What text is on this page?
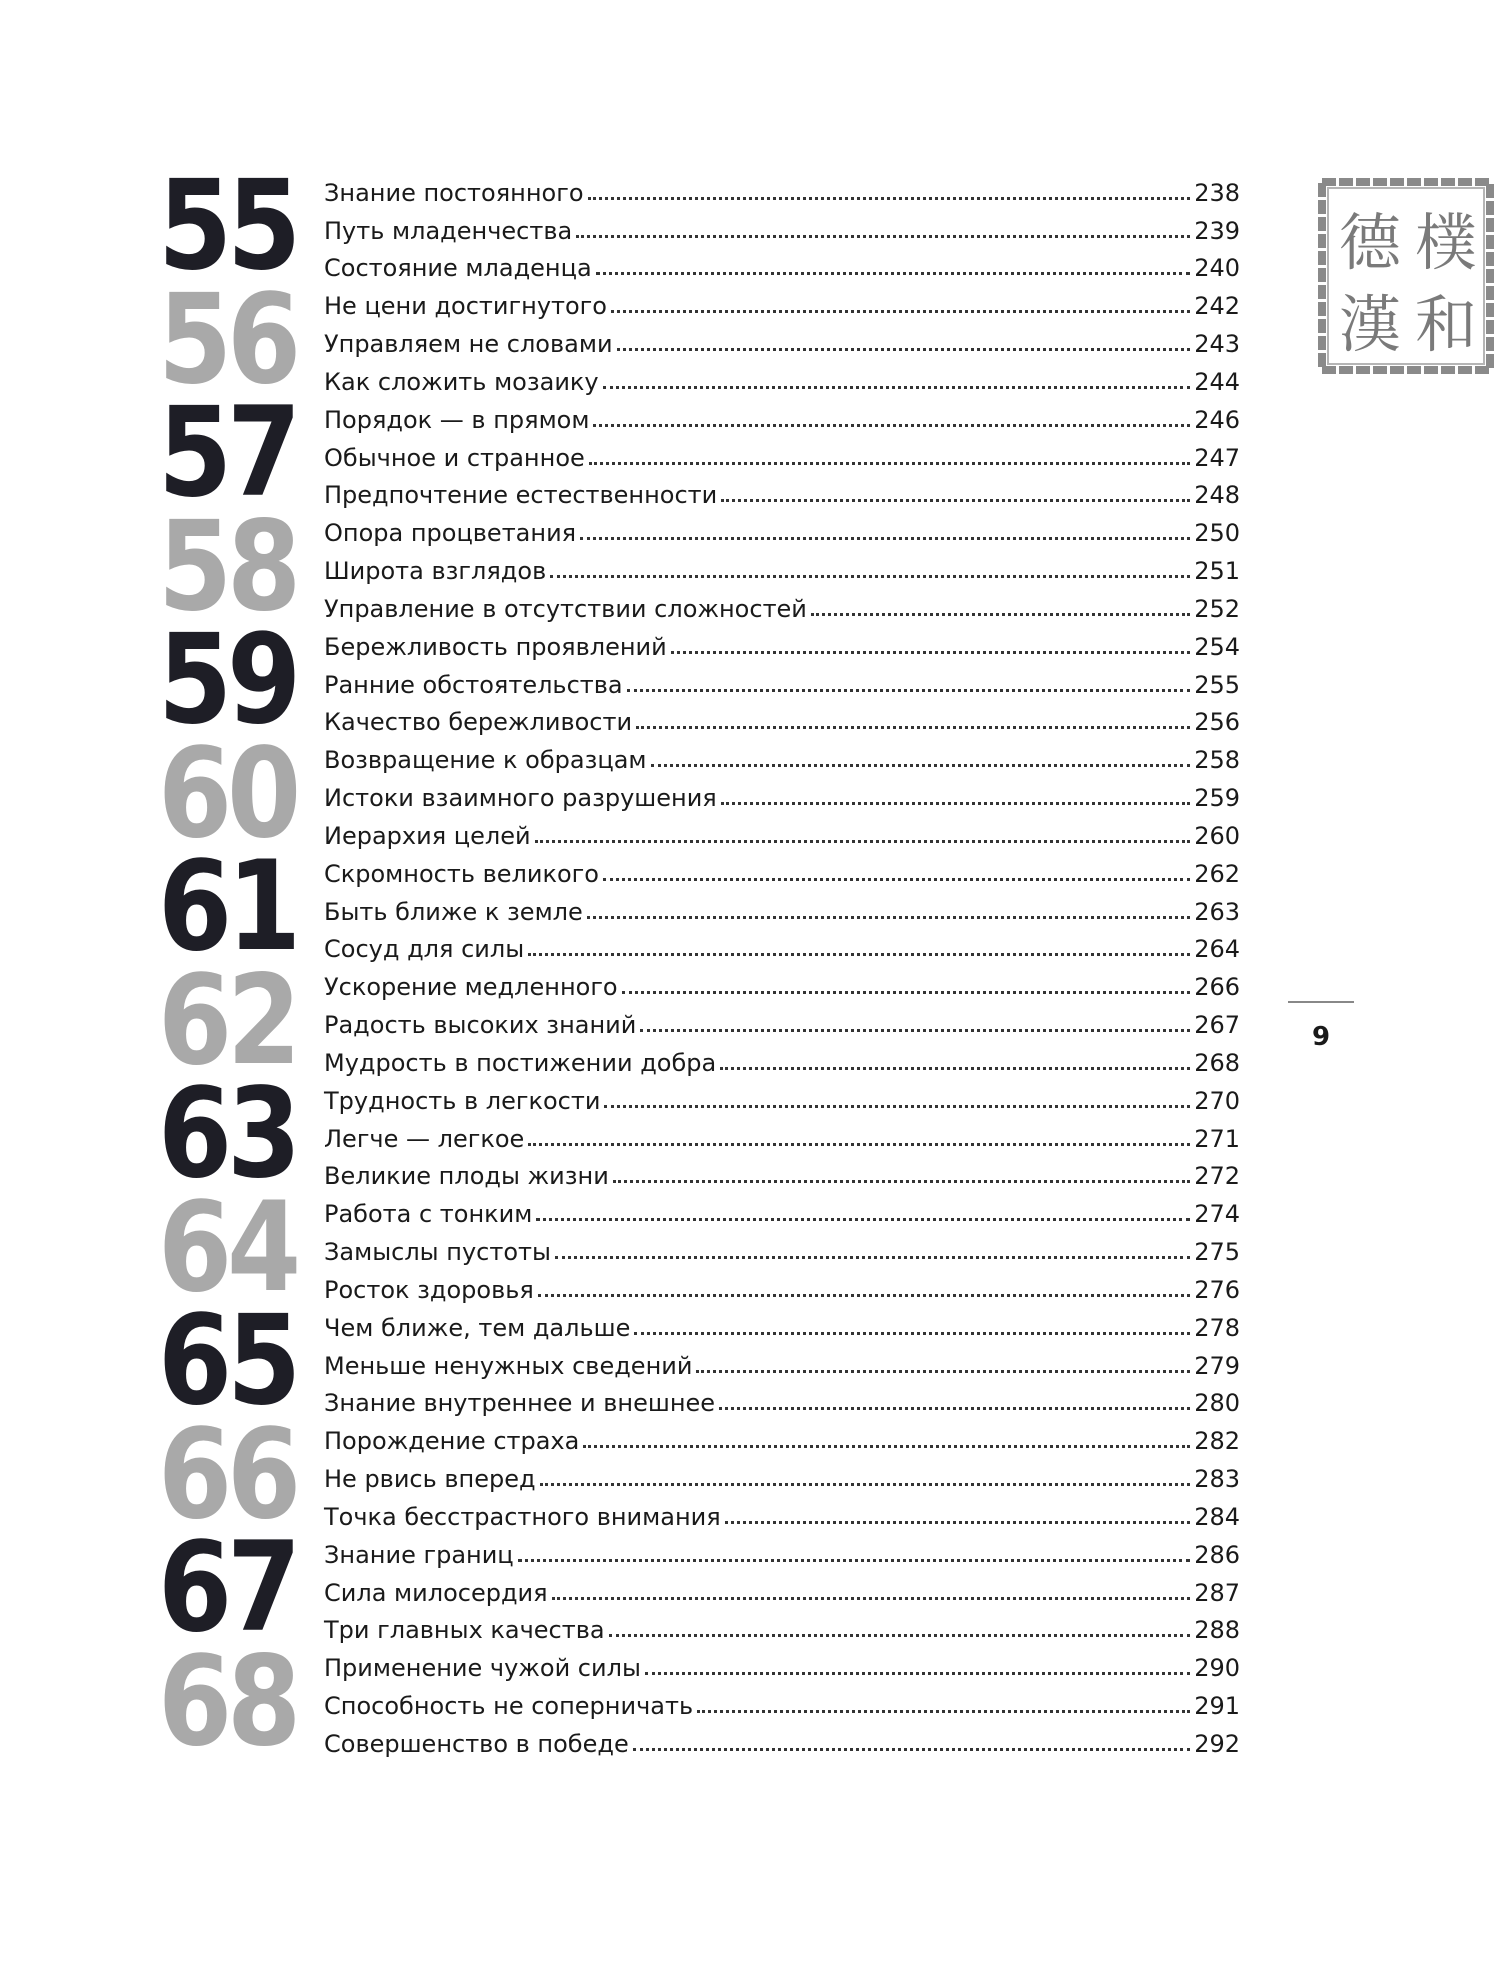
55 Знание постоянного	238
Путь младенчества	239
Состояние младенца	240
56 Не цени достигнутого	242
Управляем не словами	243
Как сложить мозаику	244
57 Порядок — в прямом	246
Обычное и странное	247
Предпочтение естественности	248
58 Опора процветания	250
Широта взглядов	251
Управление в отсутствии сложностей	252
59 Бережливость проявлений	254
Ранние обстоятельства	255
Качество бережливости	256
60 Возвращение к образцам	258
Истоки взаимного разрушения	259
Иерархия целей	260
61 Скромность великого	262
Быть ближе к земле	263
Сосуд для силы	264
62 Ускорение медленного	266
Радость высоких знаний	267
Мудрость в постижении добра	268
63 Трудность в легкости	270
Легче — легкое	271
Великие плоды жизни	272
64 Работа с тонким	274
Замыслы пустоты	275
Росток здоровья	276
65 Чем ближе, тем дальше	278
Меньше ненужных сведений	279
Знание внутреннее и внешнее	280
66 Порождение страха	282
Не рвись вперед	283
Точка бесстрастного внимания	284
67 Знание границ	286
Сила милосердия	287
Три главных качества	288
68 Применение чужой силы	290
Способность не соперничать	291
Совершенство в победе	292
樸
和
德
漢
9
